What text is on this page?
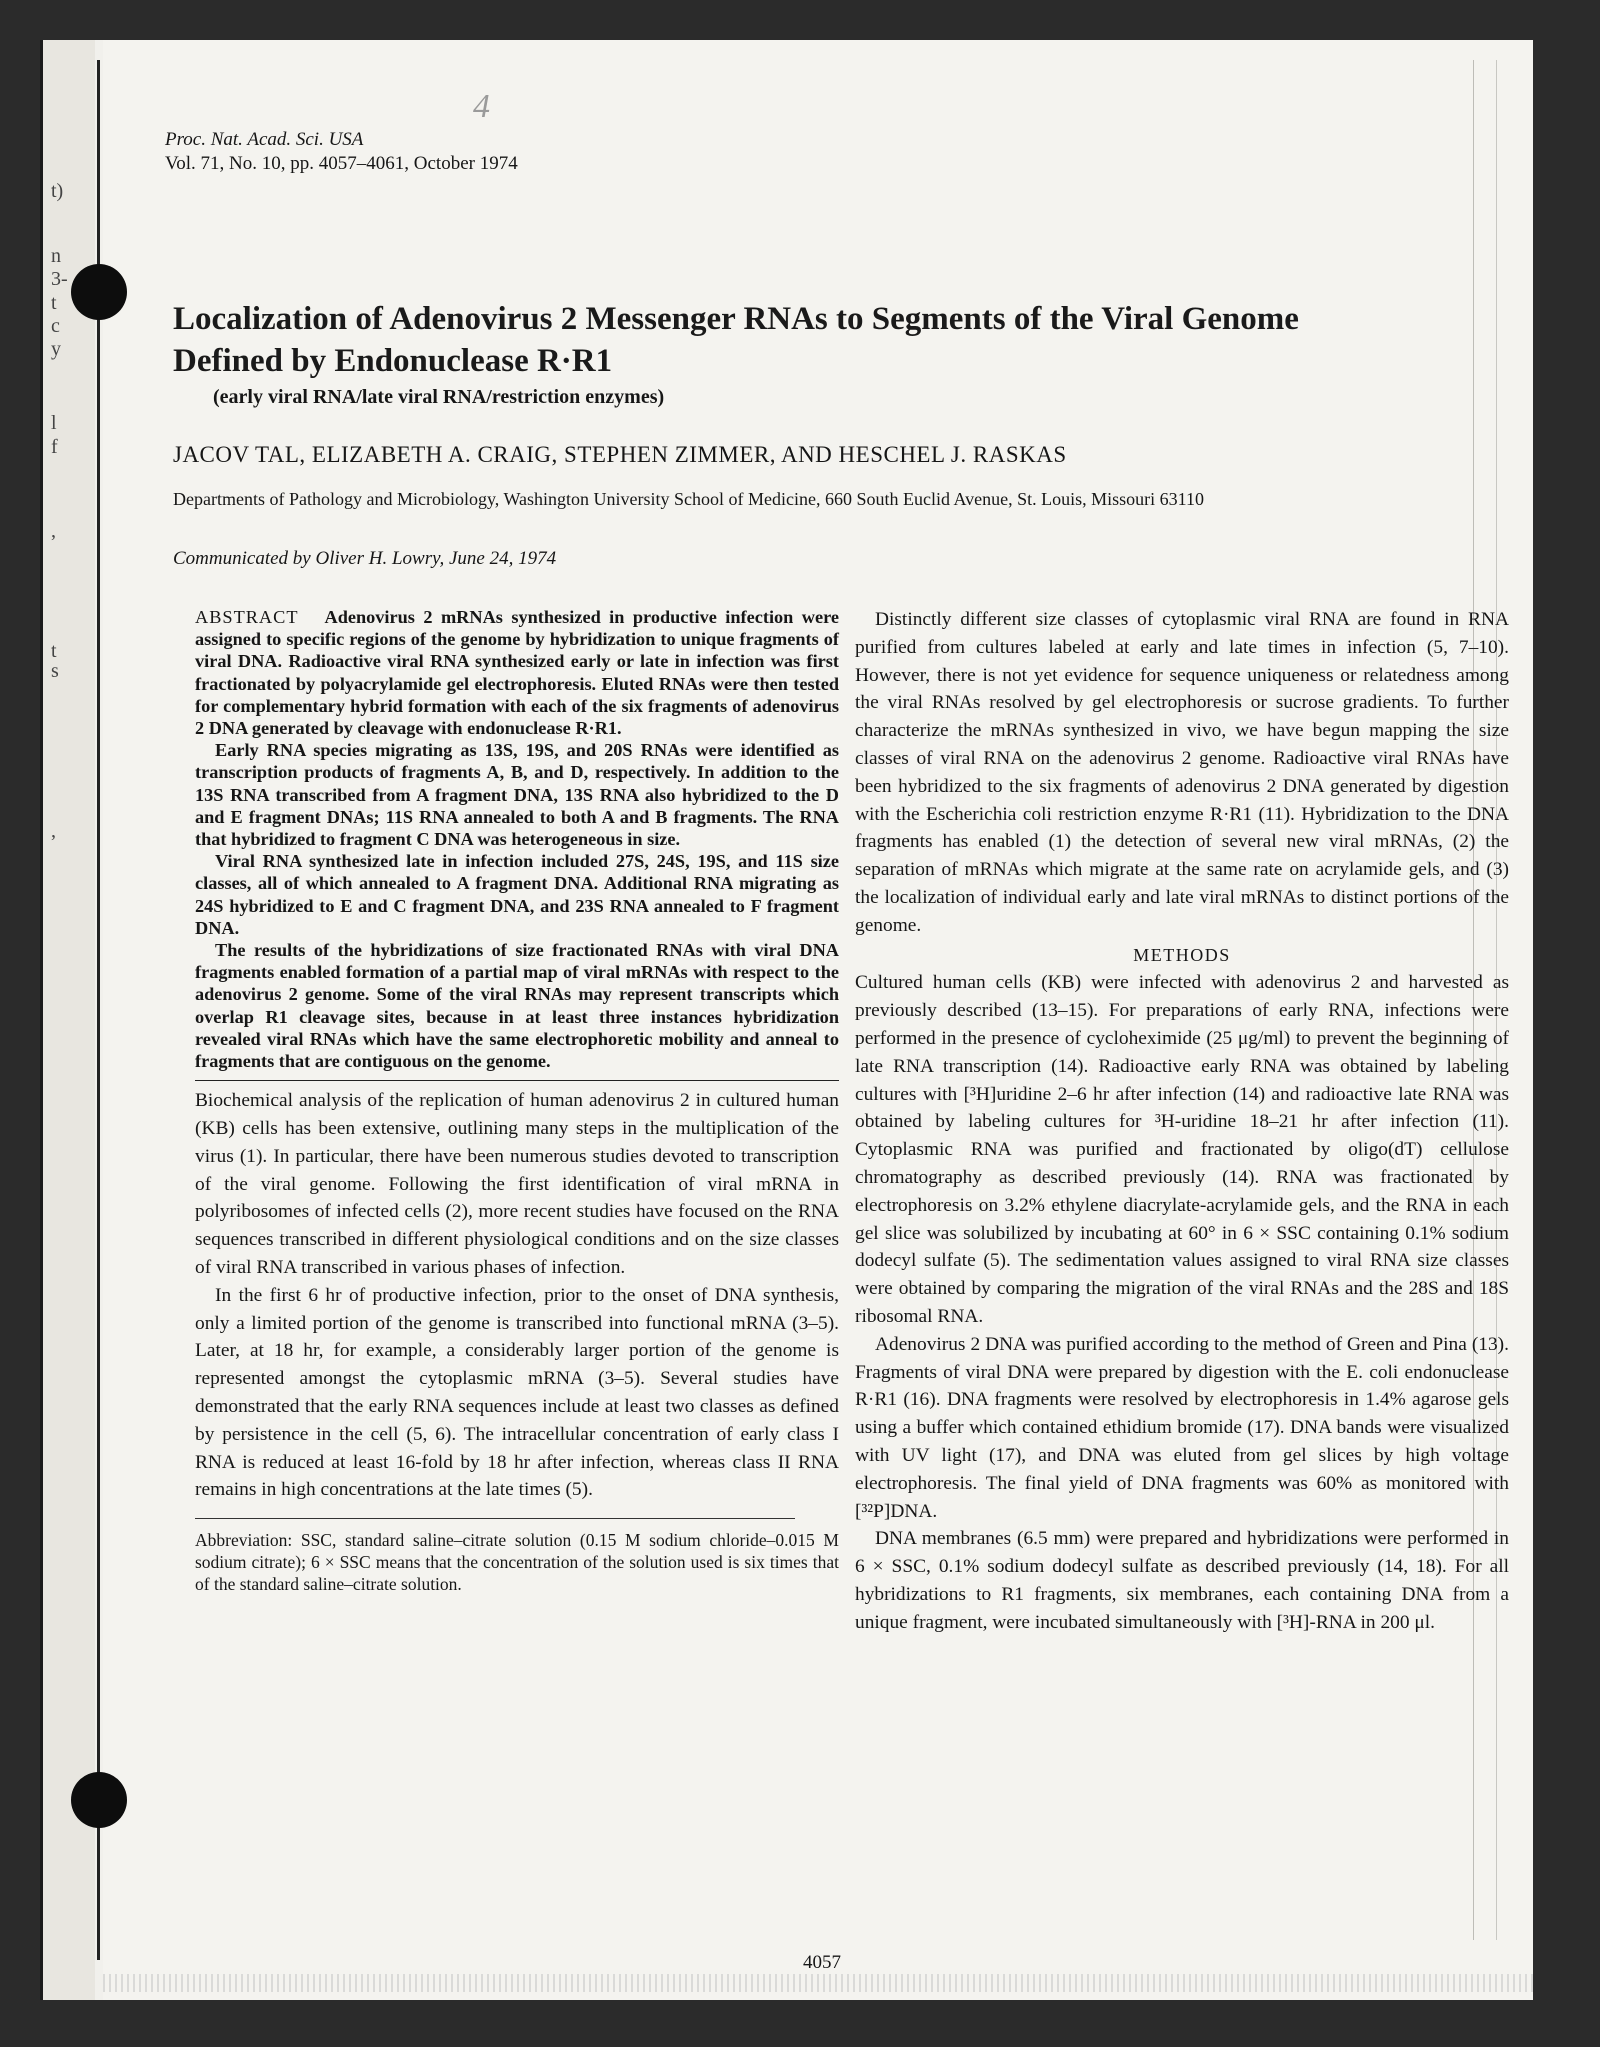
t)
n
3-
t
c
y
l
f
,
t
s
,
4
Proc. Nat. Acad. Sci. USA
Vol. 71, No. 10, pp. 4057–4061, October 1974
Localization of Adenovirus 2 Messenger RNAs to Segments of the Viral Genome Defined by Endonuclease R·R1
(early viral RNA/late viral RNA/restriction enzymes)
JACOV TAL, ELIZABETH A. CRAIG, STEPHEN ZIMMER, AND HESCHEL J. RASKAS
Departments of Pathology and Microbiology, Washington University School of Medicine, 660 South Euclid Avenue, St. Louis, Missouri 63110
Communicated by Oliver H. Lowry, June 24, 1974

ABSTRACT Adenovirus 2 mRNAs synthesized in productive infection were assigned to specific regions of the genome by hybridization to unique fragments of viral DNA. Radioactive viral RNA synthesized early or late in infection was first fractionated by polyacrylamide gel electrophoresis. Eluted RNAs were then tested for complementary hybrid formation with each of the six fragments of adenovirus 2 DNA generated by cleavage with endonuclease R·R1.

Early RNA species migrating as 13S, 19S, and 20S RNAs were identified as transcription products of fragments A, B, and D, respectively. In addition to the 13S RNA transcribed from A fragment DNA, 13S RNA also hybridized to the D and E fragment DNAs; 11S RNA annealed to both A and B fragments. The RNA that hybridized to fragment C DNA was heterogeneous in size.

Viral RNA synthesized late in infection included 27S, 24S, 19S, and 11S size classes, all of which annealed to A fragment DNA. Additional RNA migrating as 24S hybridized to E and C fragment DNA, and 23S RNA annealed to F fragment DNA.

The results of the hybridizations of size fractionated RNAs with viral DNA fragments enabled formation of a partial map of viral mRNAs with respect to the adenovirus 2 genome. Some of the viral RNAs may represent transcripts which overlap R1 cleavage sites, because in at least three instances hybridization revealed viral RNAs which have the same electrophoretic mobility and anneal to fragments that are contiguous on the genome.

Biochemical analysis of the replication of human adenovirus 2 in cultured human (KB) cells has been extensive, outlining many steps in the multiplication of the virus (1). In particular, there have been numerous studies devoted to transcription of the viral genome. Following the first identification of viral mRNA in polyribosomes of infected cells (2), more recent studies have focused on the RNA sequences transcribed in different physiological conditions and on the size classes of viral RNA transcribed in various phases of infection.

In the first 6 hr of productive infection, prior to the onset of DNA synthesis, only a limited portion of the genome is transcribed into functional mRNA (3–5). Later, at 18 hr, for example, a considerably larger portion of the genome is represented amongst the cytoplasmic mRNA (3–5). Several studies have demonstrated that the early RNA sequences include at least two classes as defined by persistence in the cell (5, 6). The intracellular concentration of early class I RNA is reduced at least 16-fold by 18 hr after infection, whereas class II RNA remains in high concentrations at the late times (5).

Abbreviation: SSC, standard saline–citrate solution (0.15 M sodium chloride–0.015 M sodium citrate); 6 × SSC means that the concentration of the solution used is six times that of the standard saline–citrate solution.

Distinctly different size classes of cytoplasmic viral RNA are found in RNA purified from cultures labeled at early and late times in infection (5, 7–10). However, there is not yet evidence for sequence uniqueness or relatedness among the viral RNAs resolved by gel electrophoresis or sucrose gradients. To further characterize the mRNAs synthesized in vivo, we have begun mapping the size classes of viral RNA on the adenovirus 2 genome. Radioactive viral RNAs have been hybridized to the six fragments of adenovirus 2 DNA generated by digestion with the Escherichia coli restriction enzyme R·R1 (11). Hybridization to the DNA fragments has enabled (1) the detection of several new viral mRNAs, (2) the separation of mRNAs which migrate at the same rate on acrylamide gels, and (3) the localization of individual early and late viral mRNAs to distinct portions of the genome.

METHODS

Cultured human cells (KB) were infected with adenovirus 2 and harvested as previously described (13–15). For preparations of early RNA, infections were performed in the presence of cycloheximide (25 μg/ml) to prevent the beginning of late RNA transcription (14). Radioactive early RNA was obtained by labeling cultures with [³H]uridine 2–6 hr after infection (14) and radioactive late RNA was obtained by labeling cultures for ³H-uridine 18–21 hr after infection (11). Cytoplasmic RNA was purified and fractionated by oligo(dT) cellulose chromatography as described previously (14). RNA was fractionated by electrophoresis on 3.2% ethylene diacrylate-acrylamide gels, and the RNA in each gel slice was solubilized by incubating at 60° in 6 × SSC containing 0.1% sodium dodecyl sulfate (5). The sedimentation values assigned to viral RNA size classes were obtained by comparing the migration of the viral RNAs and the 28S and 18S ribosomal RNA.

Adenovirus 2 DNA was purified according to the method of Green and Pina (13). Fragments of viral DNA were prepared by digestion with the E. coli endonuclease R·R1 (16). DNA fragments were resolved by electrophoresis in 1.4% agarose gels using a buffer which contained ethidium bromide (17). DNA bands were visualized with UV light (17), and DNA was eluted from gel slices by high voltage electrophoresis. The final yield of DNA fragments was 60% as monitored with [³²P]DNA.

DNA membranes (6.5 mm) were prepared and hybridizations were performed in 6 × SSC, 0.1% sodium dodecyl sulfate as described previously (14, 18). For all hybridizations to R1 fragments, six membranes, each containing DNA from a unique fragment, were incubated simultaneously with [³H]-RNA in 200 μl.

4057
